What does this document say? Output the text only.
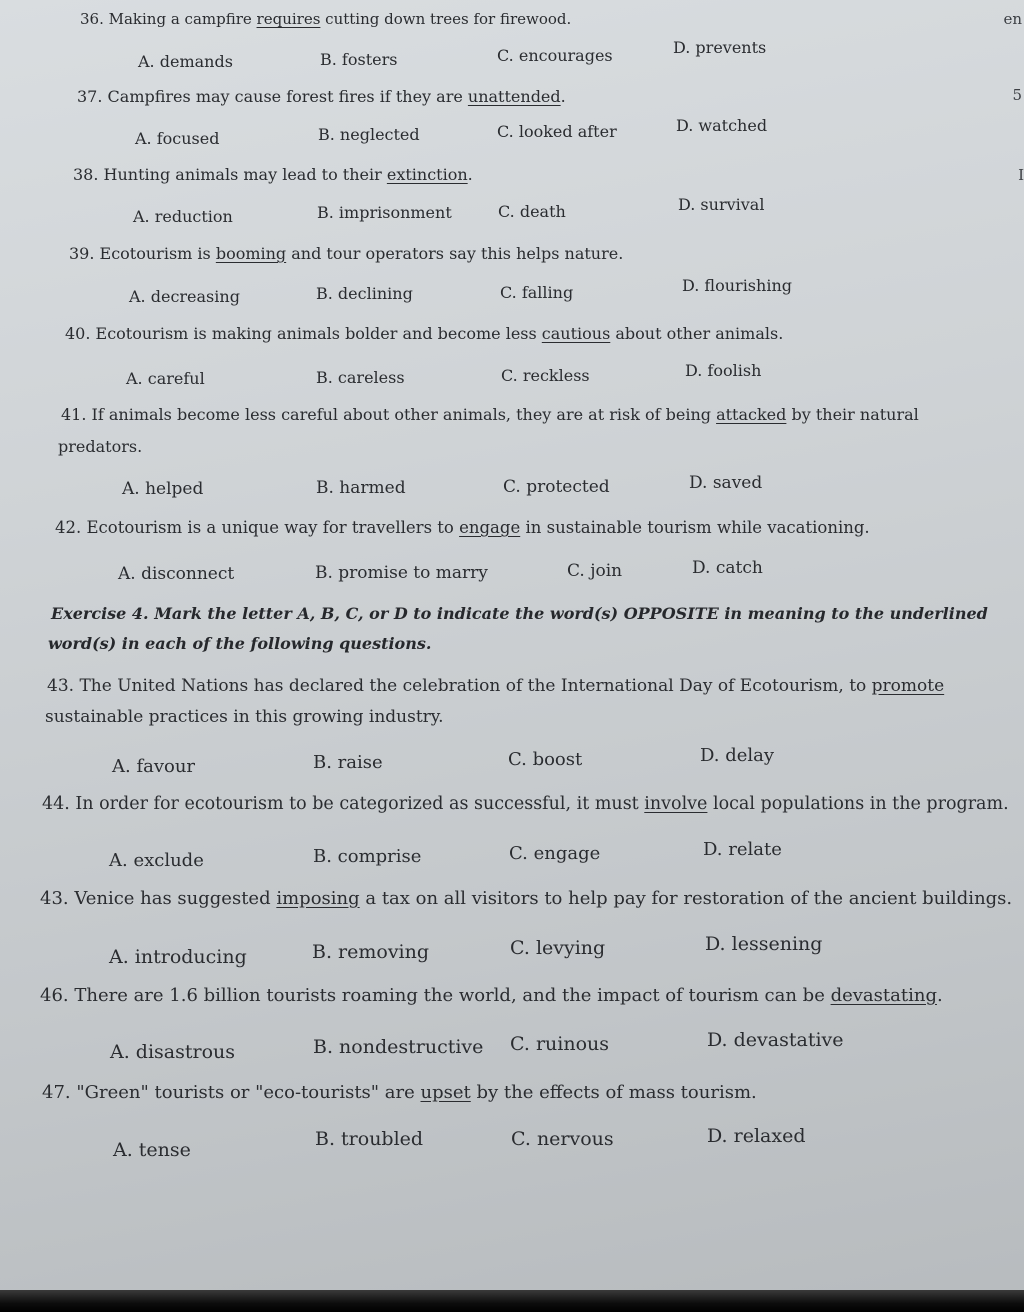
en
5
I
36. Making a campfire requires cutting down trees for firewood.
A. demands	B. fosters	C. encourages	D. prevents
37. Campfires may cause forest fires if they are unattended.
A. focused	B. neglected	C. looked after	D. watched
38. Hunting animals may lead to their extinction.
A. reduction	B. imprisonment	C. death	D. survival
39. Ecotourism is booming and tour operators say this helps nature.
A. decreasing	B. declining	C. falling	D. flourishing
40. Ecotourism is making animals bolder and become less cautious about other animals.
A. careful	B. careless	C. reckless	D. foolish
41. If animals become less careful about other animals, they are at risk of being attacked by their natural
predators.
A. helped	B. harmed	C. protected	D. saved
42. Ecotourism is a unique way for travellers to engage in sustainable tourism while vacationing.
A. disconnect	B. promise to marry	C. join	D. catch
Exercise 4. Mark the letter A, B, C, or D to indicate the word(s) OPPOSITE in meaning to the underlined
word(s) in each of the following questions.
43. The United Nations has declared the celebration of the International Day of Ecotourism, to promote
sustainable practices in this growing industry.
A. favour	B. raise	C. boost	D. delay
44. In order for ecotourism to be categorized as successful, it must involve local populations in the program.
A. exclude	B. comprise	C. engage	D. relate
43. Venice has suggested imposing a tax on all visitors to help pay for restoration of the ancient buildings.
A. introducing	B. removing	C. levying	D. lessening
46. There are 1.6 billion tourists roaming the world, and the impact of tourism can be devastating.
A. disastrous	B. nondestructive C. ruinous	D. devastative
47. "Green" tourists or "eco-tourists" are upset by the effects of mass tourism.
A. tense	B. troubled	C. nervous	D. relaxed
